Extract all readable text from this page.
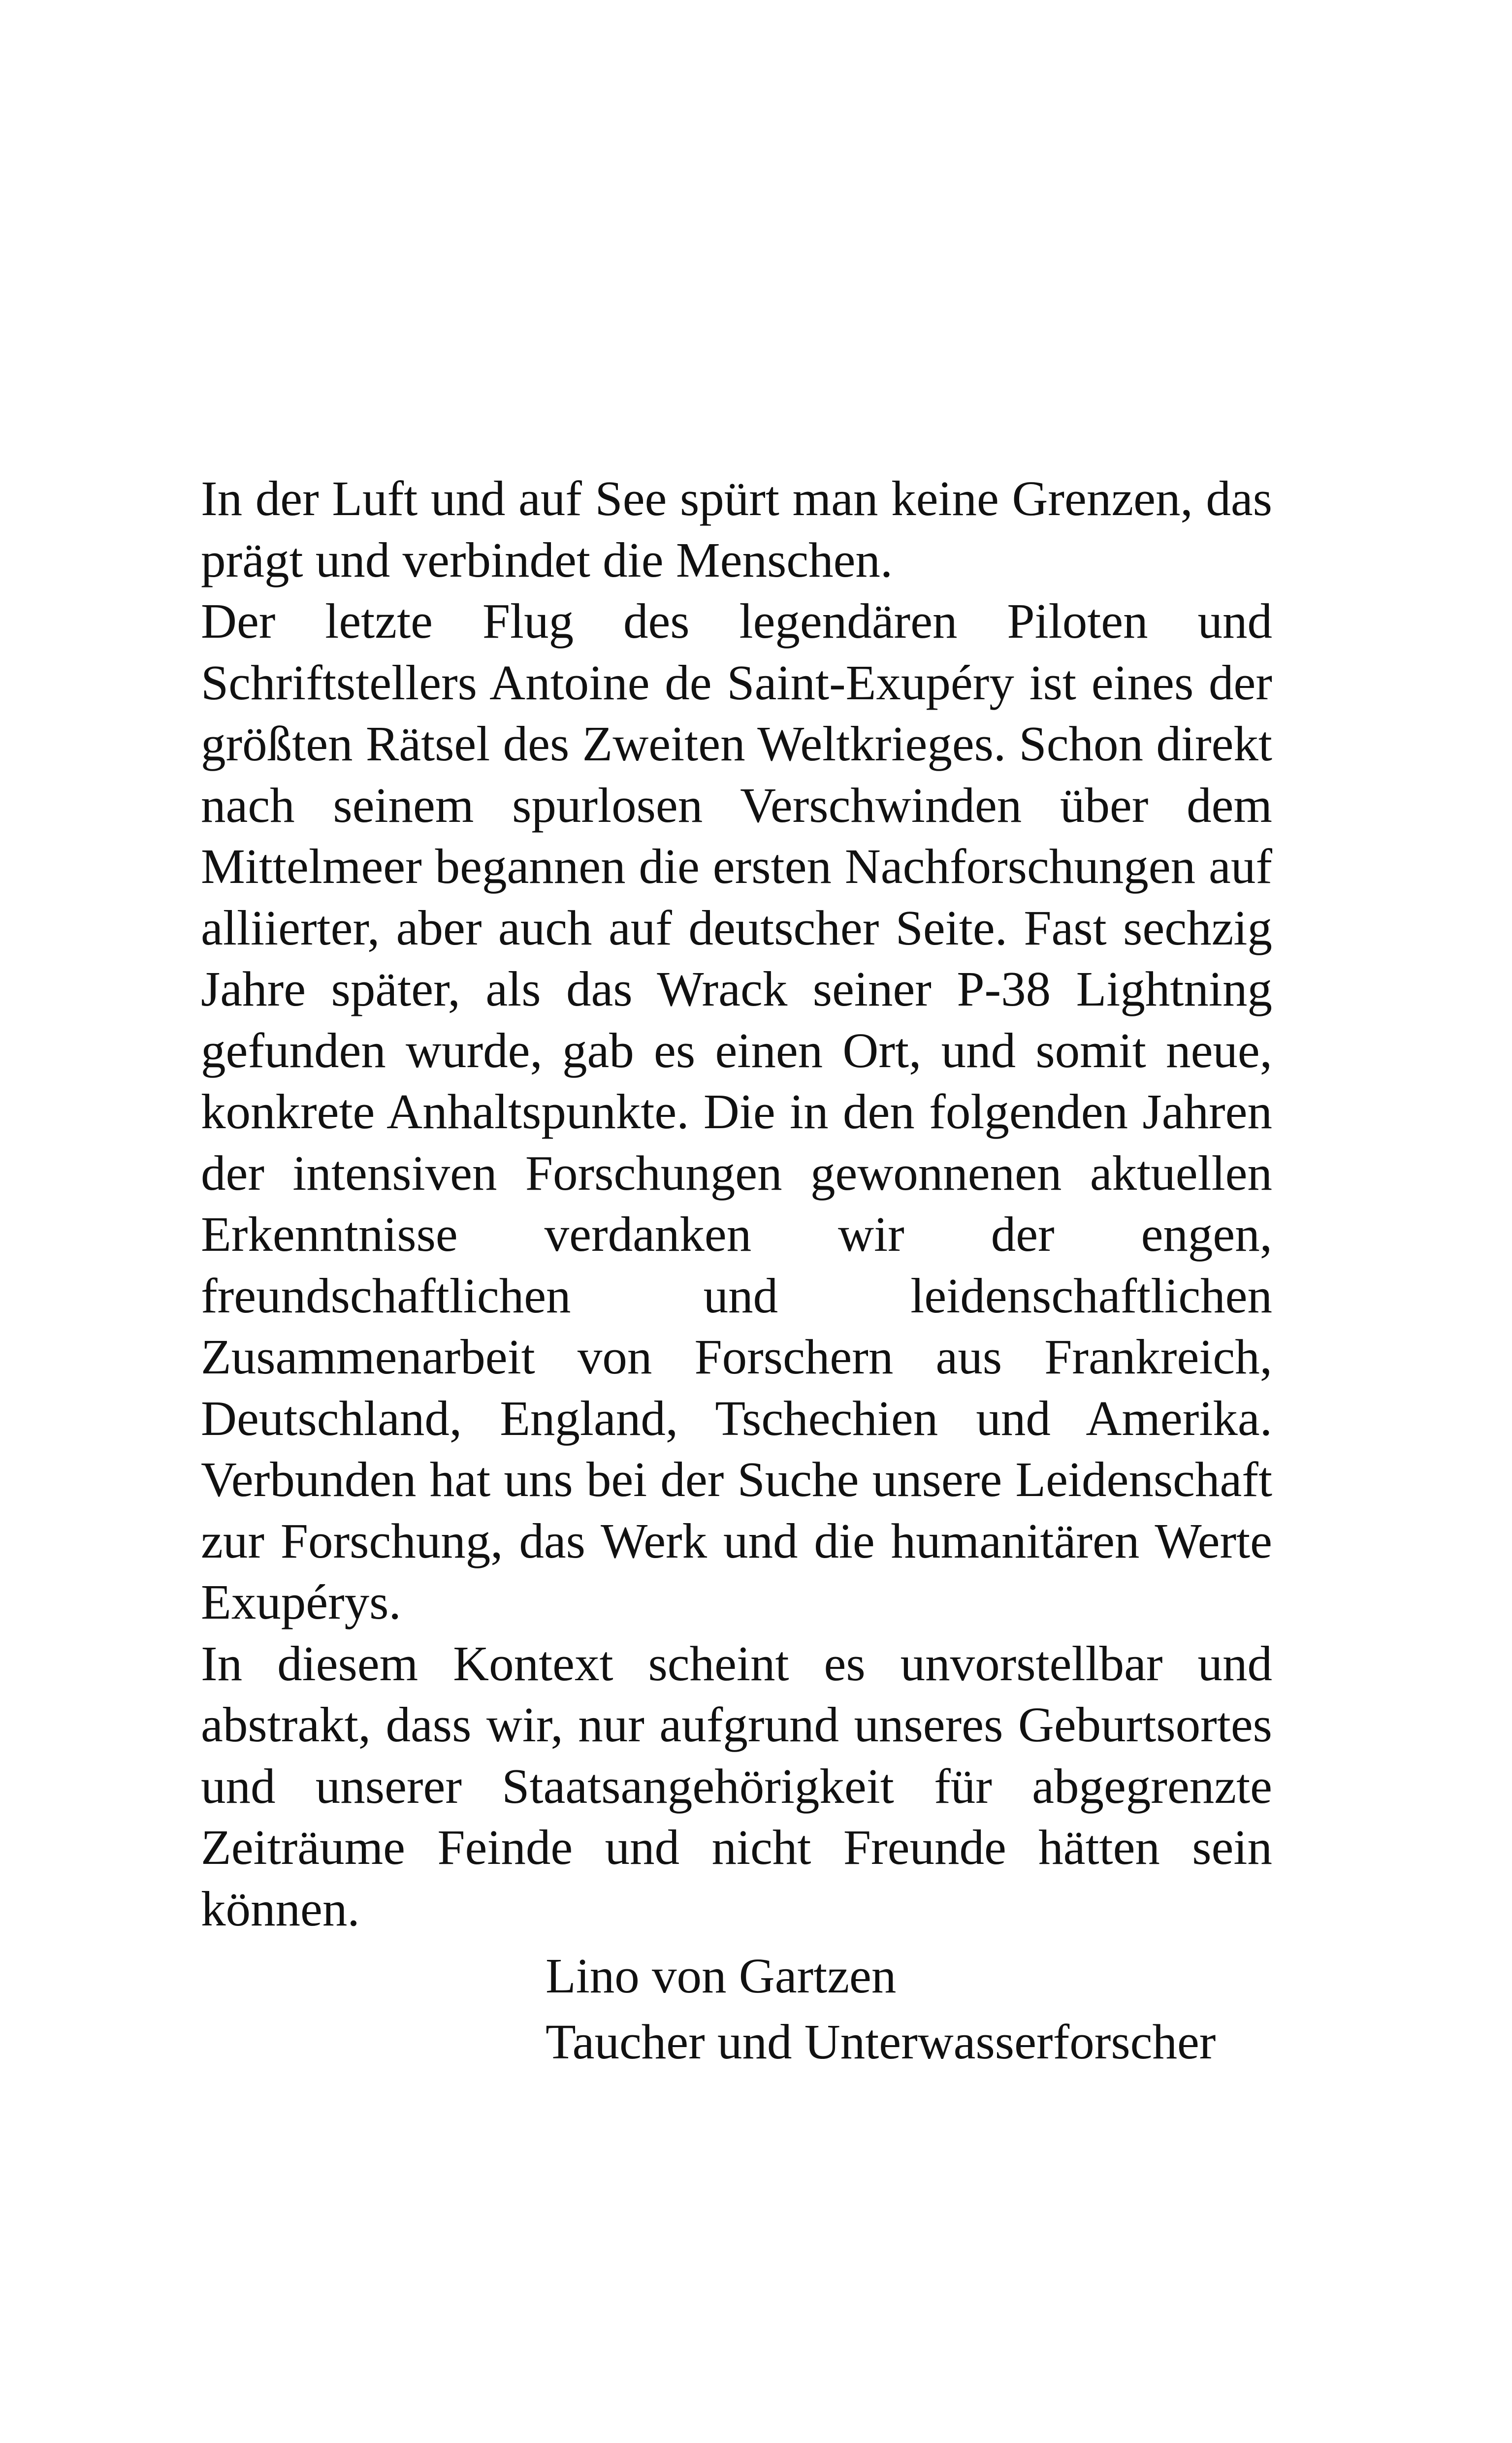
In der Luft und auf See spürt man keine Grenzen, das prägt und verbindet die Menschen.

Der letzte Flug des legendären Piloten und Schriftstellers Antoine de Saint-Exupéry ist eines der größten Rätsel des Zweiten Weltkrieges. Schon direkt nach seinem spurlosen Verschwinden über dem Mittelmeer begannen die ersten Nachforschungen auf alliierter, aber auch auf deutscher Seite. Fast sechzig Jahre später, als das Wrack seiner P-38 Lightning gefunden wurde, gab es einen Ort, und somit neue, konkrete Anhaltspunkte. Die in den folgenden Jahren der intensiven Forschungen gewonnenen aktuellen Erkenntnisse verdanken wir der engen, freundschaftlichen und leidenschaftlichen Zusammenarbeit von Forschern aus Frankreich, Deutschland, England, Tschechien und Amerika. Verbunden hat uns bei der Suche unsere Leidenschaft zur Forschung, das Werk und die humanitären Werte Exupérys.

In diesem Kontext scheint es unvorstellbar und abstrakt, dass wir, nur aufgrund unseres Geburtsortes und unserer Staatsangehörigkeit für abgegrenzte Zeiträume Feinde und nicht Freunde hätten sein können.

Lino von Gartzen
Taucher und Unterwasserforscher
